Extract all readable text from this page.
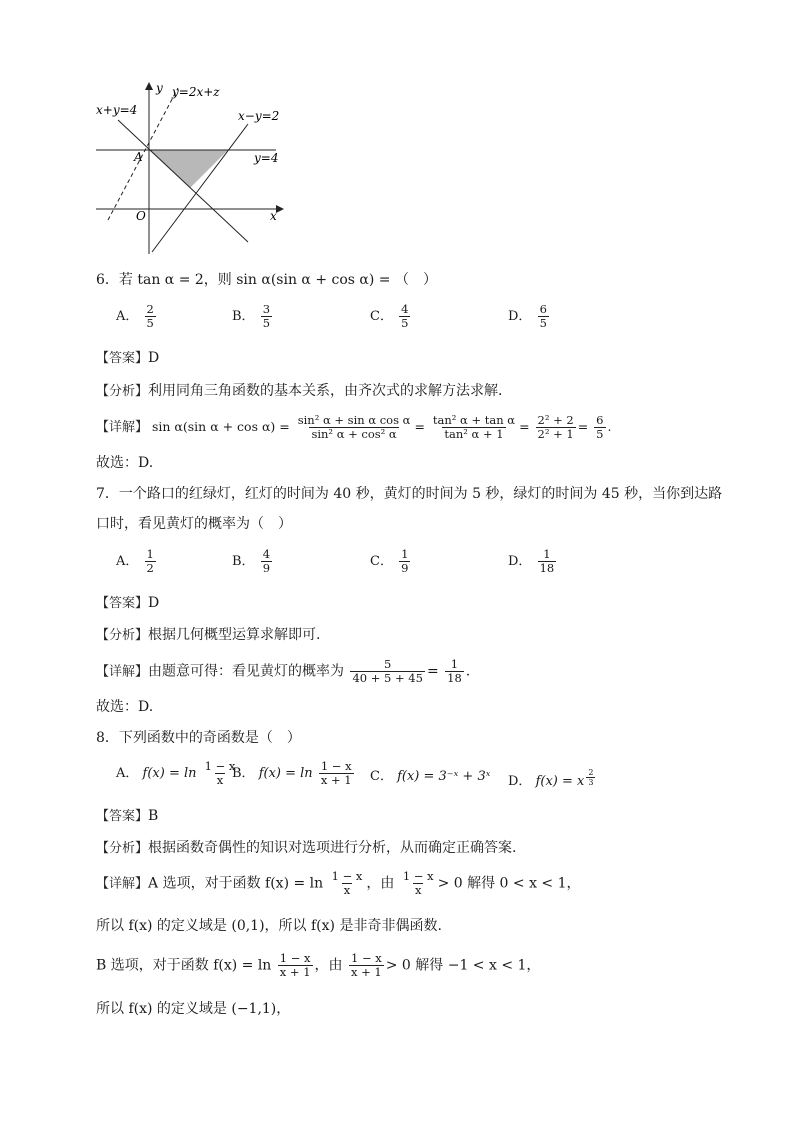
y
x
O
A
x+y=4
y=2x+z
x−y=2
y=4
6．若 tan α = 2，则 sin α(sin α + cos α) = （　）
A． $\frac{2}{5}$	B． $\frac{3}{5}$	C． $\frac{4}{5}$	D． $\frac{6}{5}$
【答案】D
【分析】利用同角三角函数的基本关系，由齐次式的求解方法求解．
【详解】 sin α(sin $\alpha + \cos \alpha) = \frac{\text{sin² α + sin α cos α}}{\text{sin² α + cos² α}} = \frac{\text{tan² α + tan α}}{\text{tan² α + 1}} = \frac{\text{2² + 2}}{\text{2² + 1}} = \frac{6}{5}$ .
故选：D.
7．一个路口的红绿灯，红灯的时间为 40 秒，黄灯的时间为 5 秒，绿灯的时间为 45 秒，当你到达路
口时，看见黄灯的概率为（　）
A． $\frac{1}{2}$	B． $\frac{4}{9}$	C． $\frac{1}{9}$	D． $\frac{1}{18}$
【答案】D
【分析】根据几何概型运算求解即可.
【详解】由题意可得：看见黄灯的概率为 $\frac{5}{40 + 5 + 45} = \frac{1}{18}$ .
故选：D.
8．下列函数中的奇函数是（　）
A． $f(x) = \ln \frac{1 - x}{x}$
B． $f(x) = \ln \frac{1 - x}{x + 1}$ C． f(x) = 3⁻ˣ + 3ˣ D． f(x) = x $^{\frac{2}{3}}$
【答案】B
【分析】根据函数奇偶性的知识对选项进行分析，从而确定正确答案.
【详解】A 选项，对于函数 $f(x) = \ln \frac{1 - x}{x}$ ，由 $\frac{1 - x}{x} > 0$ 解得 0 < x < 1，
所以 f(x) 的定义域是 (0,1)，所以 f(x) 是非奇非偶函数.
B 选项，对于函数 $f(x) = \ln \frac{1 - x}{x + 1}$ ，由 $\frac{1 - x}{x + 1} > 0$ 解得 −1 < x < 1，
所以 f(x) 的定义域是 (−1,1)，
